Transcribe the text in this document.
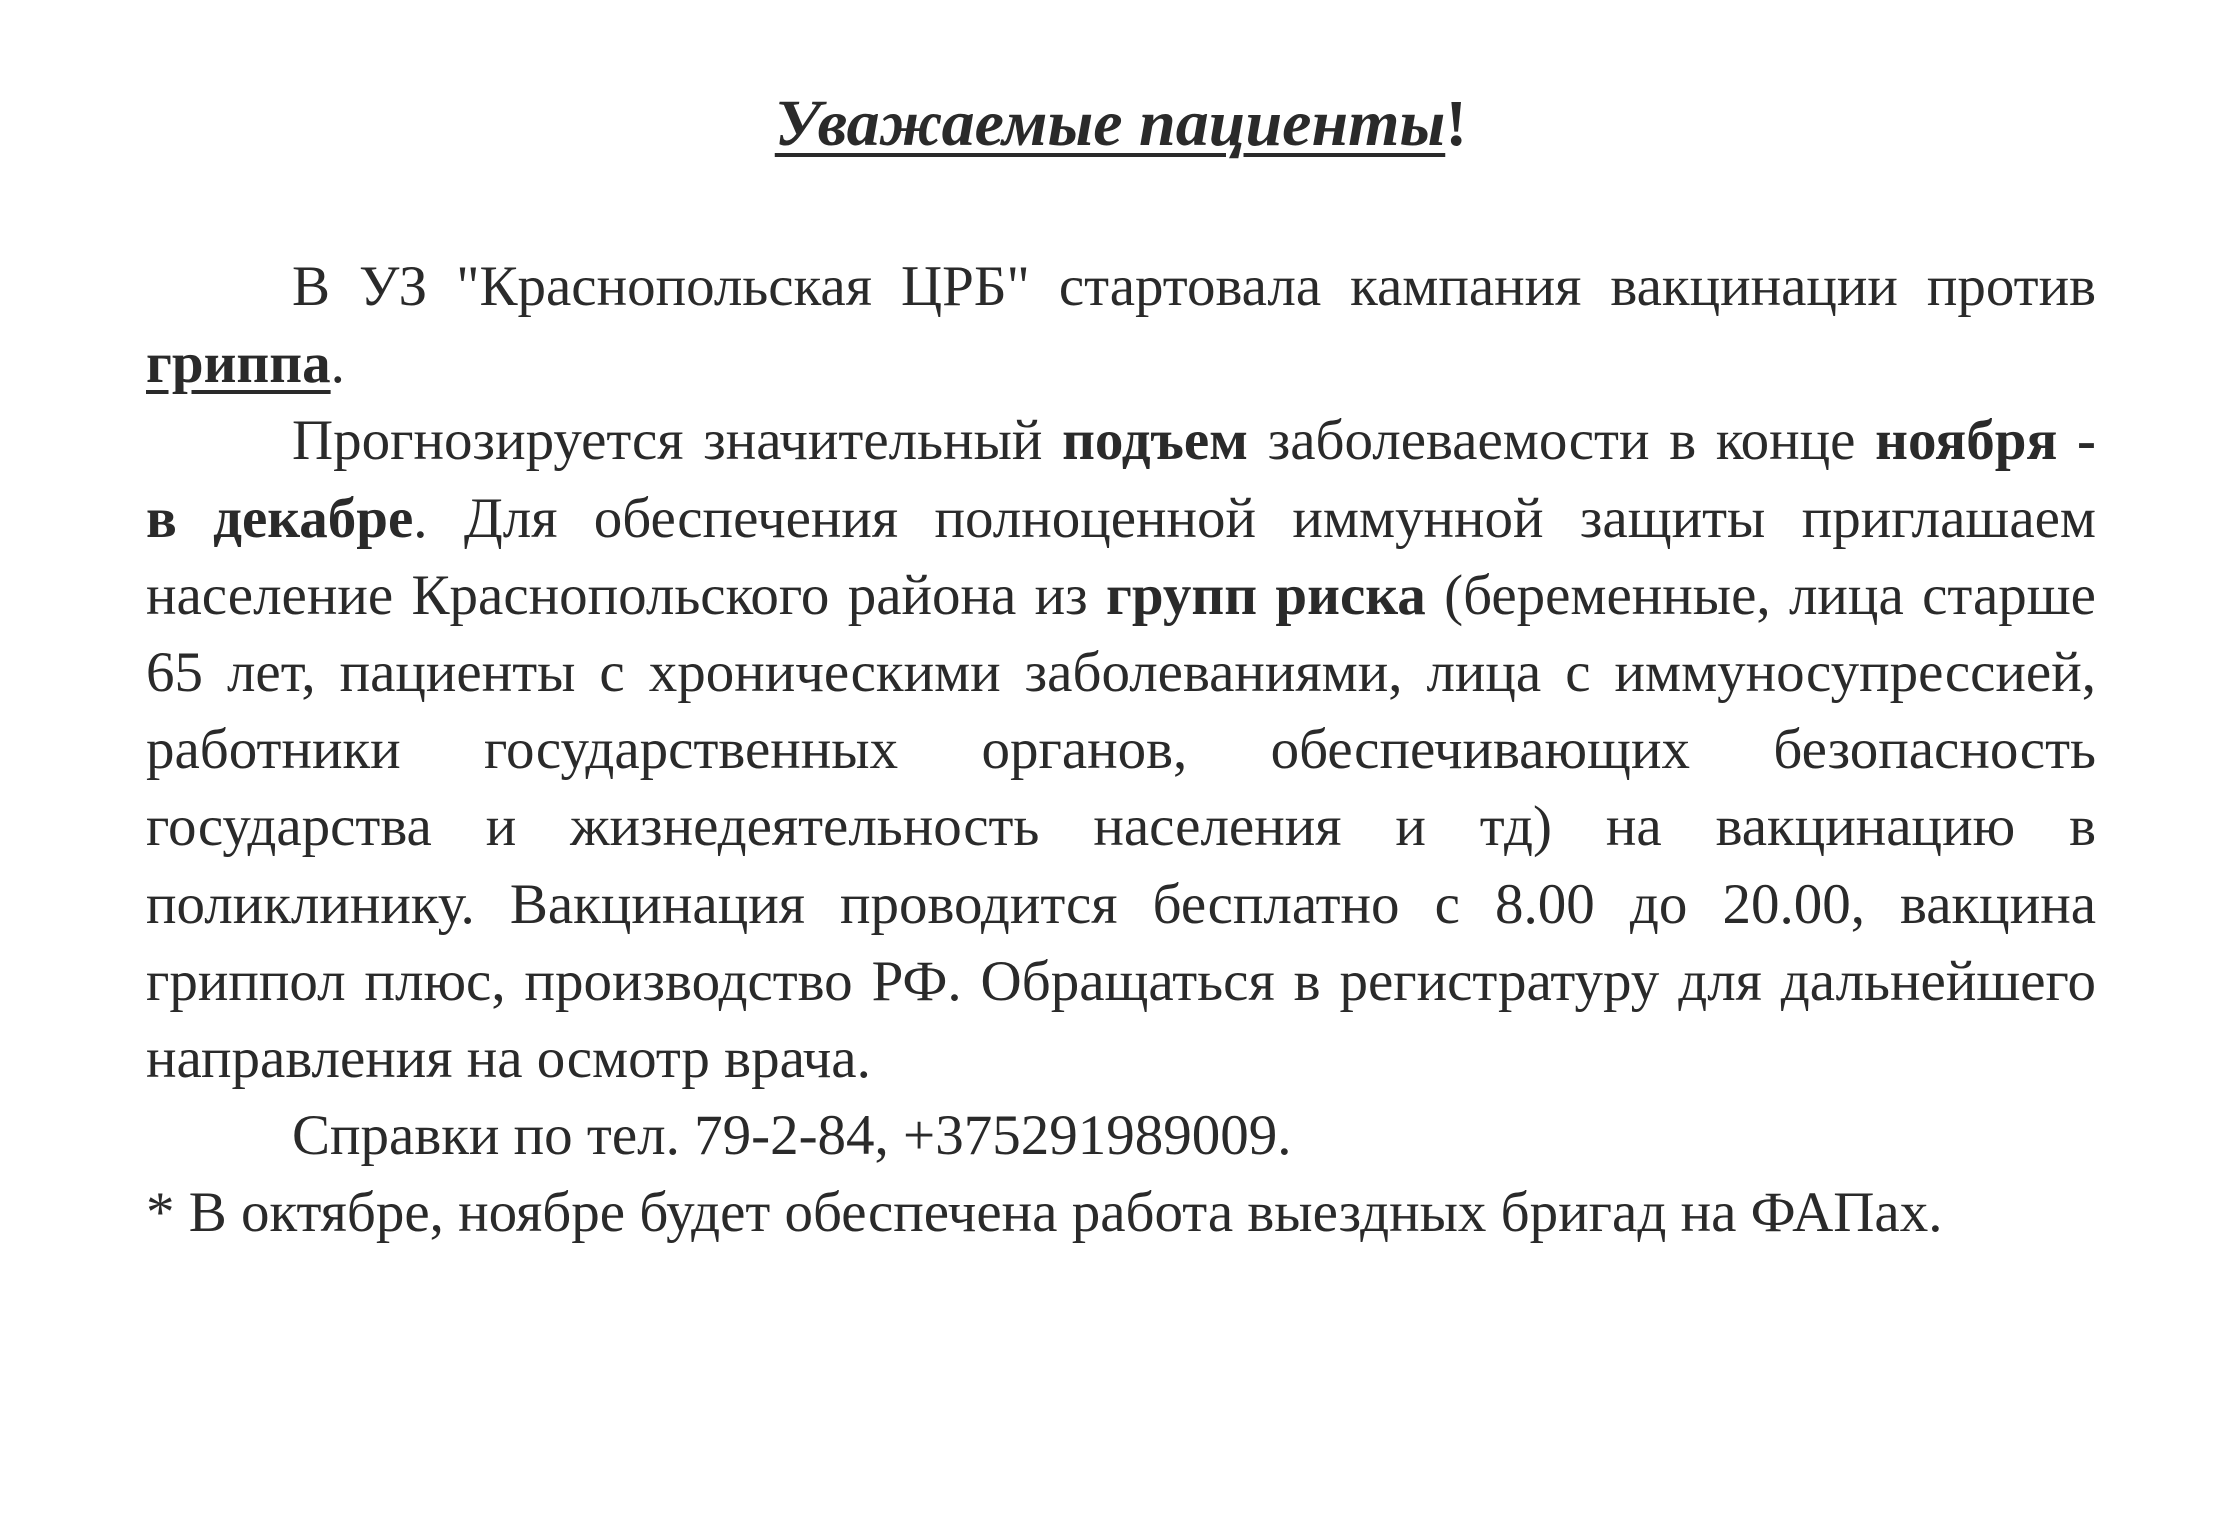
Уважаемые пациенты!

В УЗ "Краснопольская ЦРБ" стартовала кампания вакцинации против гриппа.

Прогнозируется значительный подъем заболеваемости в конце ноября - в декабре. Для обеспечения полноценной иммунной защиты приглашаем население Краснопольского района из групп риска (беременные, лица старше 65 лет, пациенты с хроническими заболеваниями, лица с иммуносупрессией, работники государственных органов, обеспечивающих безопасность государства и жизнедеятельность населения и тд) на вакцинацию в поликлинику. Вакцинация проводится бесплатно с 8.00 до 20.00, вакцина гриппол плюс, производство РФ. Обращаться в регистратуру для дальнейшего направления на осмотр врача.

Справки по тел. 79-2-84, +375291989009.

* В октябре, ноябре будет обеспечена работа выездных бригад на ФАПах.
